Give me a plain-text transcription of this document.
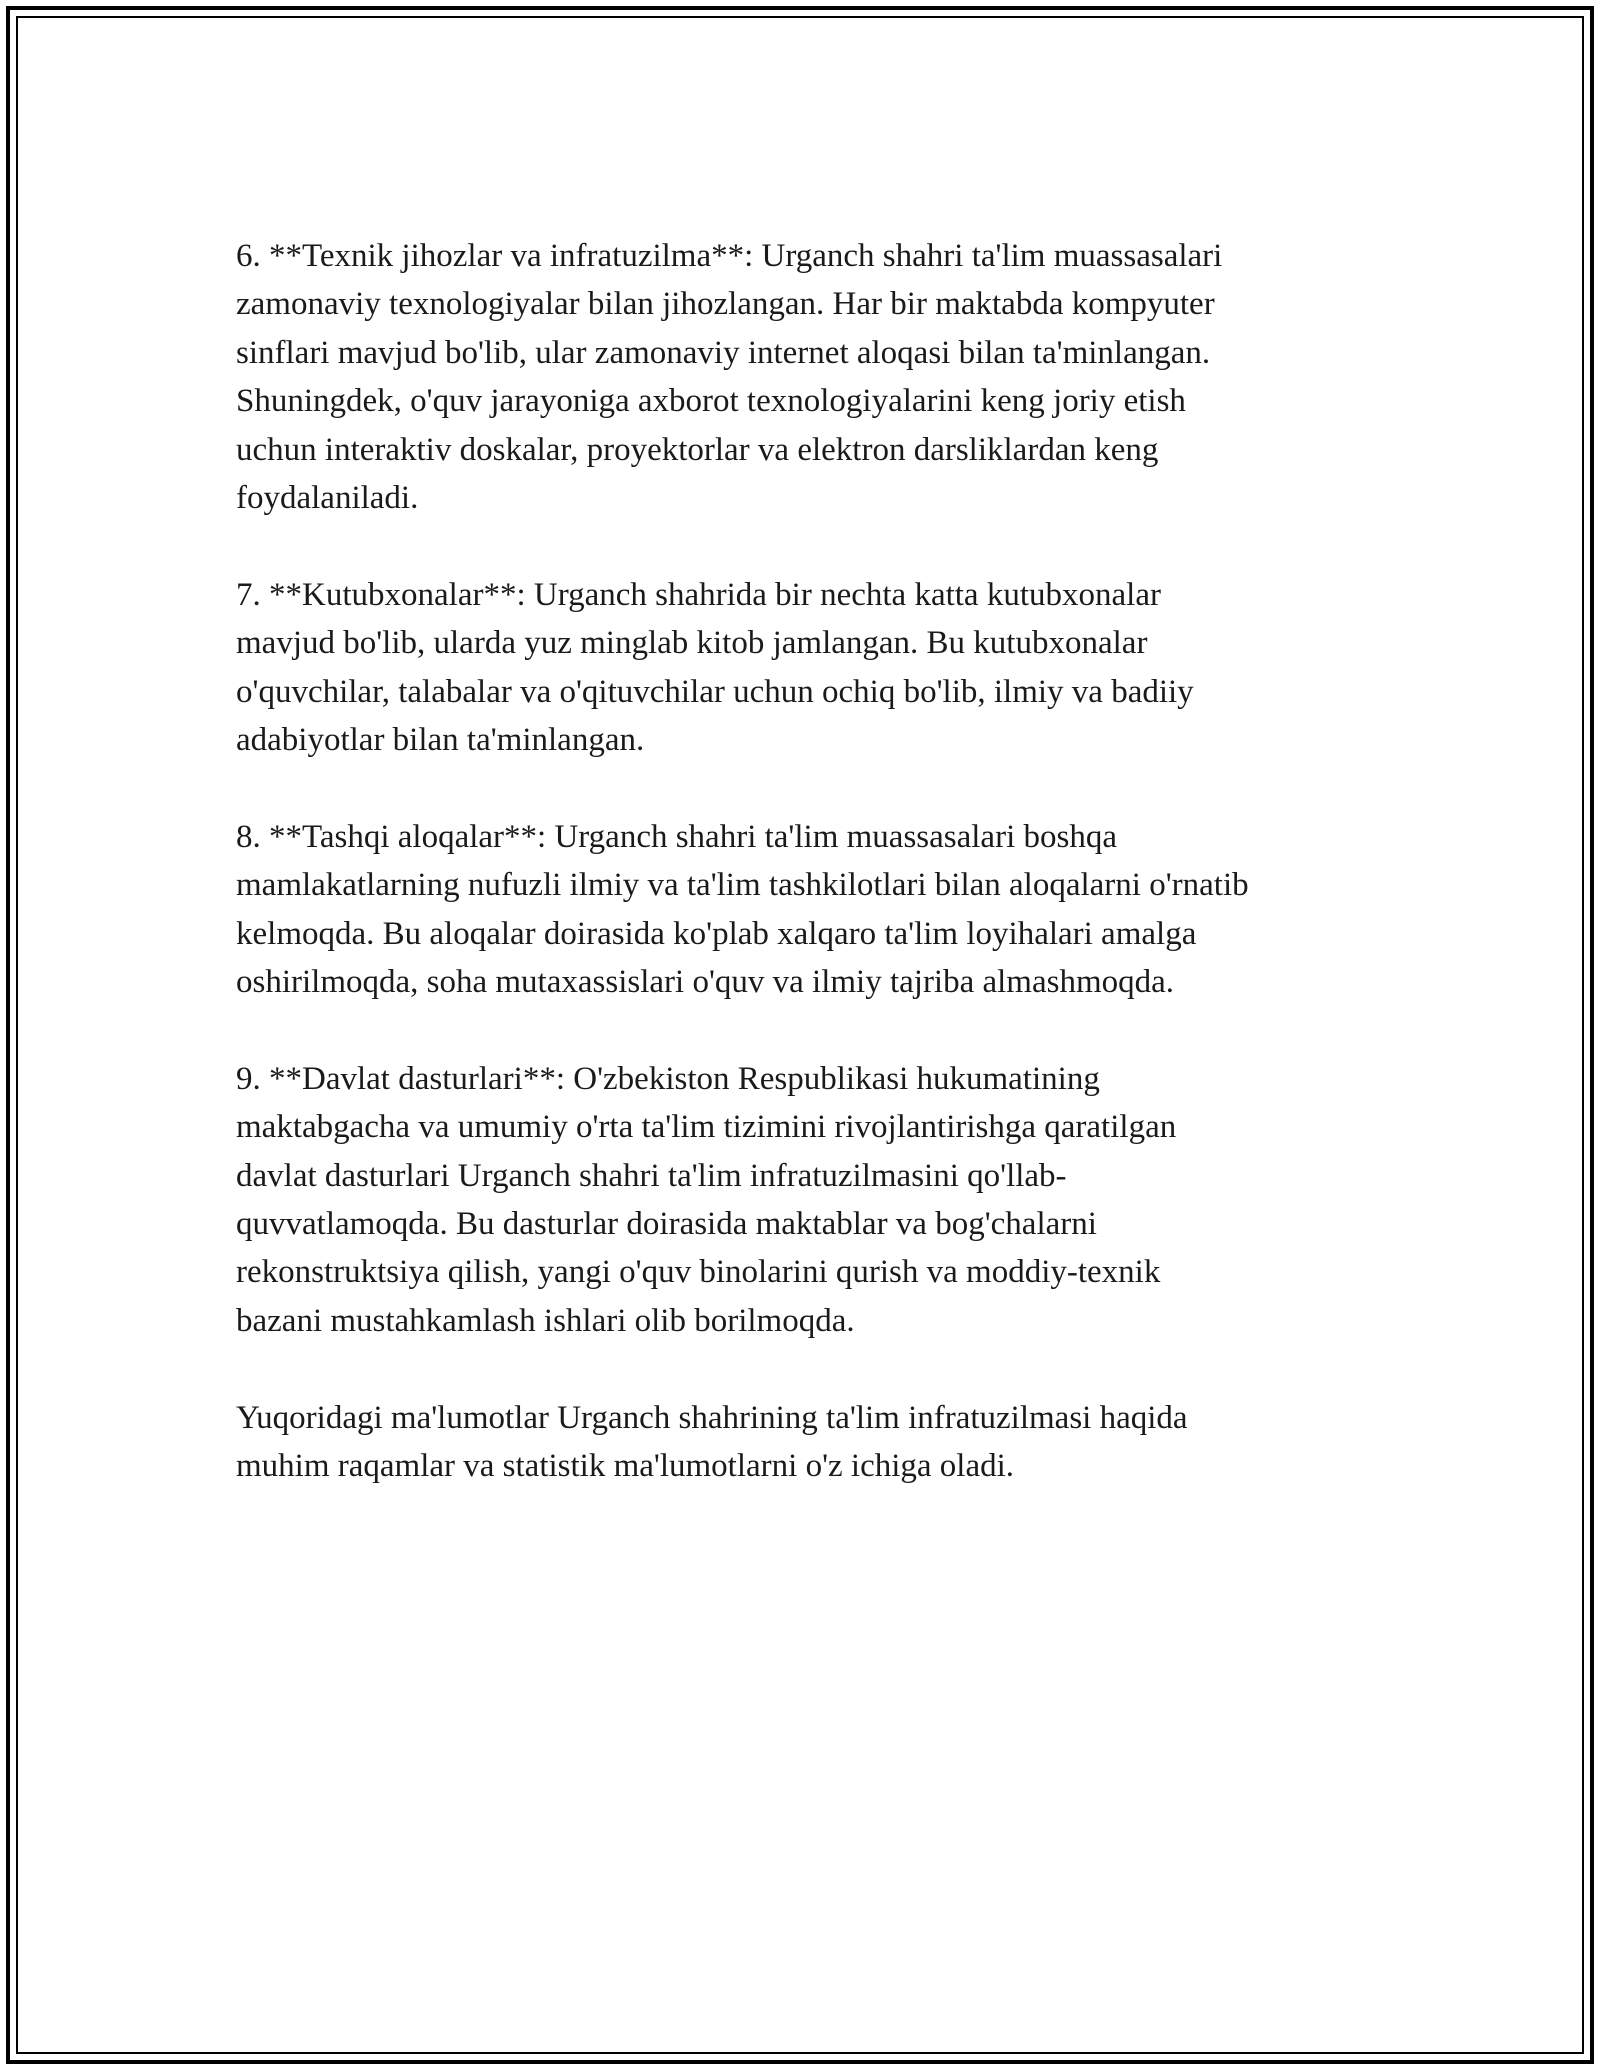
6. **Texnik jihozlar va infratuzilma**: Urganch shahri ta'lim muassasalari
zamonaviy texnologiyalar bilan jihozlangan. Har bir maktabda kompyuter
sinflari mavjud bo'lib, ular zamonaviy internet aloqasi bilan ta'minlangan.
Shuningdek, o'quv jarayoniga axborot texnologiyalarini keng joriy etish
uchun interaktiv doskalar, proyektorlar va elektron darsliklardan keng
foydalaniladi.

7. **Kutubxonalar**: Urganch shahrida bir nechta katta kutubxonalar
mavjud bo'lib, ularda yuz minglab kitob jamlangan. Bu kutubxonalar
o'quvchilar, talabalar va o'qituvchilar uchun ochiq bo'lib, ilmiy va badiiy
adabiyotlar bilan ta'minlangan.

8. **Tashqi aloqalar**: Urganch shahri ta'lim muassasalari boshqa
mamlakatlarning nufuzli ilmiy va ta'lim tashkilotlari bilan aloqalarni o'rnatib
kelmoqda. Bu aloqalar doirasida ko'plab xalqaro ta'lim loyihalari amalga
oshirilmoqda, soha mutaxassislari o'quv va ilmiy tajriba almashmoqda.

9. **Davlat dasturlari**: O'zbekiston Respublikasi hukumatining
maktabgacha va umumiy o'rta ta'lim tizimini rivojlantirishga qaratilgan
davlat dasturlari Urganch shahri ta'lim infratuzilmasini qo'llab-
quvvatlamoqda. Bu dasturlar doirasida maktablar va bog'chalarni
rekonstruktsiya qilish, yangi o'quv binolarini qurish va moddiy-texnik
bazani mustahkamlash ishlari olib borilmoqda.

Yuqoridagi ma'lumotlar Urganch shahrining ta'lim infratuzilmasi haqida
muhim raqamlar va statistik ma'lumotlarni o'z ichiga oladi.
